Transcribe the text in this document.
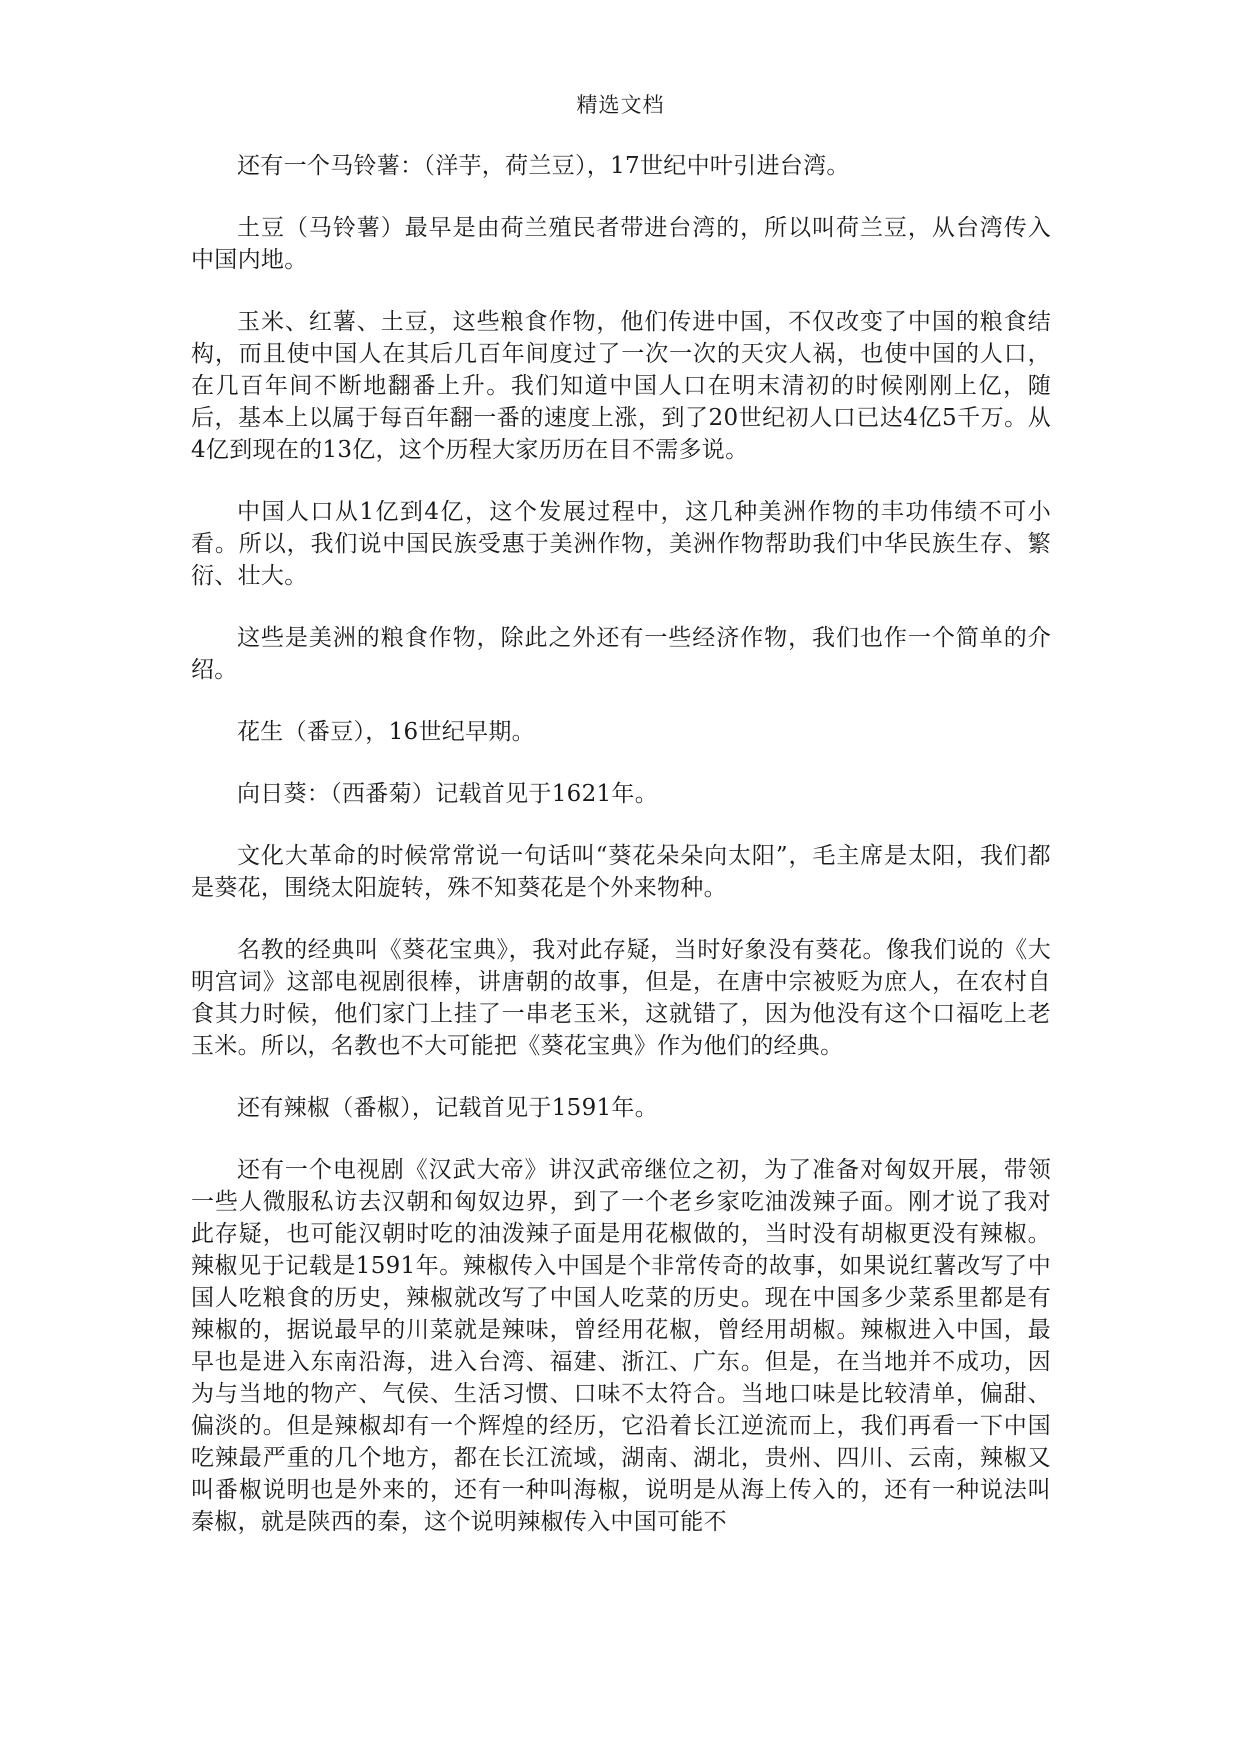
精选文档

还有一个马铃薯：（洋芋，荷兰豆），17世纪中叶引进台湾。

土豆（马铃薯）最早是由荷兰殖民者带进台湾的，所以叫荷兰豆，从台湾传入中国内地。

玉米、红薯、土豆，这些粮食作物，他们传进中国，不仅改变了中国的粮食结构，而且使中国人在其后几百年间度过了一次一次的天灾人祸，也使中国的人口，在几百年间不断地翻番上升。我们知道中国人口在明末清初的时候刚刚上亿，随后，基本上以属于每百年翻一番的速度上涨，到了20世纪初人口已达4亿5千万。从4亿到现在的13亿，这个历程大家历历在目不需多说。

中国人口从1亿到4亿，这个发展过程中，这几种美洲作物的丰功伟绩不可小看。所以，我们说中国民族受惠于美洲作物，美洲作物帮助我们中华民族生存、繁衍、壮大。

这些是美洲的粮食作物，除此之外还有一些经济作物，我们也作一个简单的介绍。

花生（番豆），16世纪早期。

向日葵：（西番菊）记载首见于1621年。

文化大革命的时候常常说一句话叫“葵花朵朵向太阳”，毛主席是太阳，我们都是葵花，围绕太阳旋转，殊不知葵花是个外来物种。

名教的经典叫《葵花宝典》，我对此存疑，当时好象没有葵花。像我们说的《大明宫词》这部电视剧很棒，讲唐朝的故事，但是，在唐中宗被贬为庶人，在农村自食其力时候，他们家门上挂了一串老玉米，这就错了，因为他没有这个口福吃上老玉米。所以，名教也不大可能把《葵花宝典》作为他们的经典。

还有辣椒（番椒），记载首见于1591年。

还有一个电视剧《汉武大帝》讲汉武帝继位之初，为了准备对匈奴开展，带领一些人微服私访去汉朝和匈奴边界，到了一个老乡家吃油泼辣子面。刚才说了我对此存疑，也可能汉朝时吃的油泼辣子面是用花椒做的，当时没有胡椒更没有辣椒。辣椒见于记载是1591年。辣椒传入中国是个非常传奇的故事，如果说红薯改写了中国人吃粮食的历史，辣椒就改写了中国人吃菜的历史。现在中国多少菜系里都是有辣椒的，据说最早的川菜就是辣味，曾经用花椒，曾经用胡椒。辣椒进入中国，最早也是进入东南沿海，进入台湾、福建、浙江、广东。但是，在当地并不成功，因为与当地的物产、气侯、生活习惯、口味不太符合。当地口味是比较清单，偏甜、偏淡的。但是辣椒却有一个辉煌的经历，它沿着长江逆流而上，我们再看一下中国吃辣最严重的几个地方，都在长江流域，湖南、湖北，贵州、四川、云南，辣椒又叫番椒说明也是外来的，还有一种叫海椒，说明是从海上传入的，还有一种说法叫秦椒，就是陕西的秦，这个说明辣椒传入中国可能不
